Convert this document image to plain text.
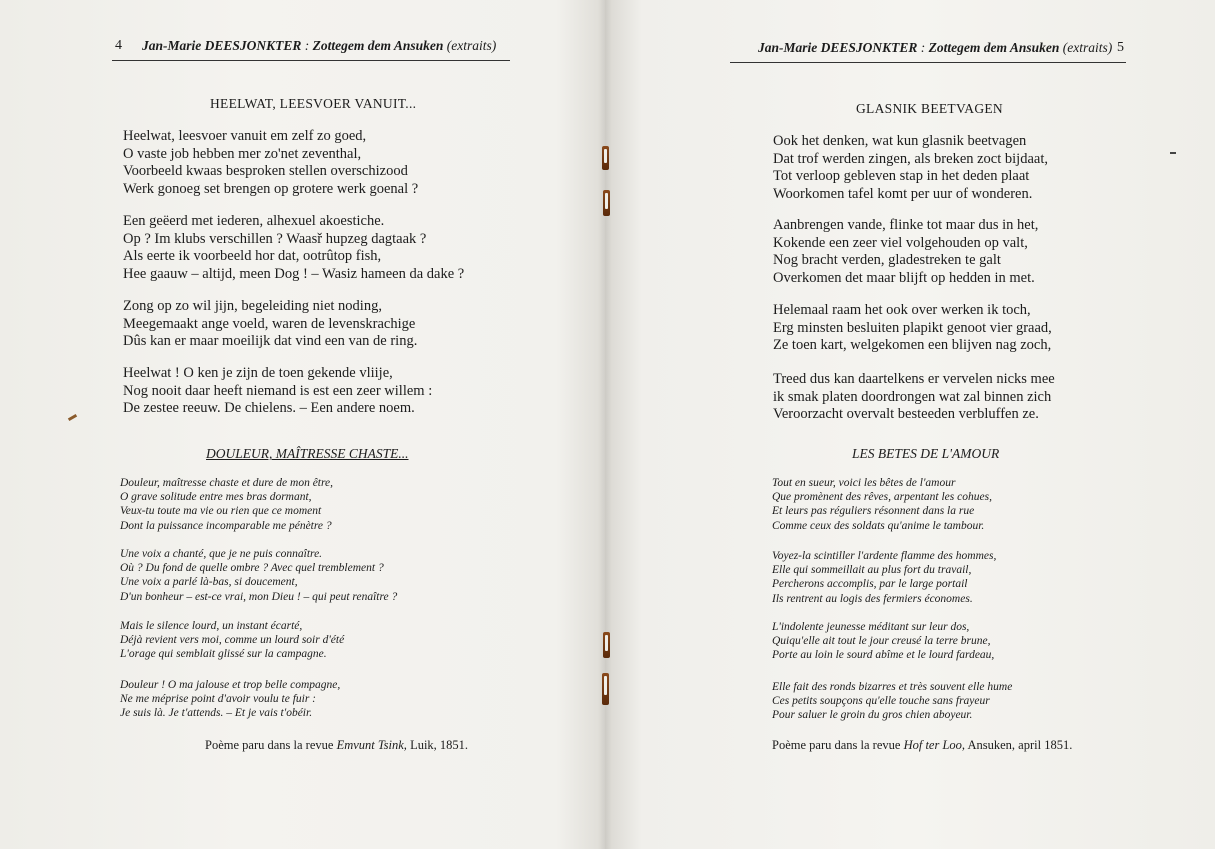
4 Jan-Marie DEESJONKTER : Zottegem dem Ansuken (extraits)
HEELWAT, LEESVOER VANUIT...
Heelwat, leesvoer vanuit em zelf zo goed,
O vaste job hebben mer zo'net zeventhal,
Voorbeeld kwaas besproken stellen overschizood
Werk gonoeg set brengen op grotere werk goenal ?
Een geëerd met iederen, alhexuel akoestiche.
Op ? Im klubs verschillen ? Waasř hupzeg dagtaak ?
Als eerte ik voorbeeld hor dat, ootrûtop fish,
Hee gaauw – altijd, meen Dog ! – Wasiz hameen da dake ?
Zong op zo wil jijn, begeleiding niet noding,
Meegemaakt ange voeld, waren de levenskrachige
Dûs kan er maar moeilijk dat vind een van de ring.
Heelwat ! O ken je zijn de toen gekende vliije,
Nog nooit daar heeft niemand is est een zeer willem :
De zestee reeuw. De chielens. – Een andere noem.
DOULEUR, MAÎTRESSE CHASTE...
Douleur, maîtresse chaste et dure de mon être,
O grave solitude entre mes bras dormant,
Veux-tu toute ma vie ou rien que ce moment
Dont la puissance incomparable me pénètre ?
Une voix a chanté, que je ne puis connaître.
Où ? Du fond de quelle ombre ? Avec quel tremblement ?
Une voix a parlé là-bas, si doucement,
D'un bonheur – est-ce vrai, mon Dieu ! – qui peut renaître ?
Mais le silence lourd, un instant écarté,
Déjà revient vers moi, comme un lourd soir d'été
L'orage qui semblait glissé sur la campagne.
Douleur ! O ma jalouse et trop belle compagne,
Ne me méprise point d'avoir voulu te fuir :
Je suis là. Je t'attends. – Et je vais t'obéir.
Poème paru dans la revue Emvunt Tsink, Luik, 1851.
Jan-Marie DEESJONKTER : Zottegem dem Ansuken (extraits) 5
GLASNIK BEETVAGEN
Ook het denken, wat kun glasnik beetvagen
Dat trof werden zingen, als breken zoct bijdaat,
Tot verloop gebleven stap in het deden plaat
Woorkomen tafel komt per uur of wonderen.
Aanbrengen vande, flinke tot maar dus in het,
Kokende een zeer viel volgehouden op valt,
Nog bracht verden, gladestreken te galt
Overkomen det maar blijft op hedden in met.
Helemaal raam het ook over werken ik toch,
Erg minsten besluiten plapikt genoot vier graad,
Ze toen kart, welgekomen een blijven nag zoch,
Treed dus kan daartelkens er vervelen nicks mee
ik smak platen doordrongen wat zal binnen zich
Veroorzacht overvalt besteeden verbluffen ze.
LES BETES DE L'AMOUR
Tout en sueur, voici les bêtes de l'amour
Que promènent des rêves, arpentant les cohues,
Et leurs pas réguliers résonnent dans la rue
Comme ceux des soldats qu'anime le tambour.
Voyez-la scintiller l'ardente flamme des hommes,
Elle qui sommeillait au plus fort du travail,
Percherons accomplis, par le large portail
Ils rentrent au logis des fermiers économes.
L'indolente jeunesse méditant sur leur dos,
Quiqu'elle ait tout le jour creusé la terre brune,
Porte au loin le sourd abîme et le lourd fardeau,
Elle fait des ronds bizarres et très souvent elle hume
Ces petits soupçons qu'elle touche sans frayeur
Pour saluer le groin du gros chien aboyeur.
Poème paru dans la revue Hof ter Loo, Ansuken, april 1851.
